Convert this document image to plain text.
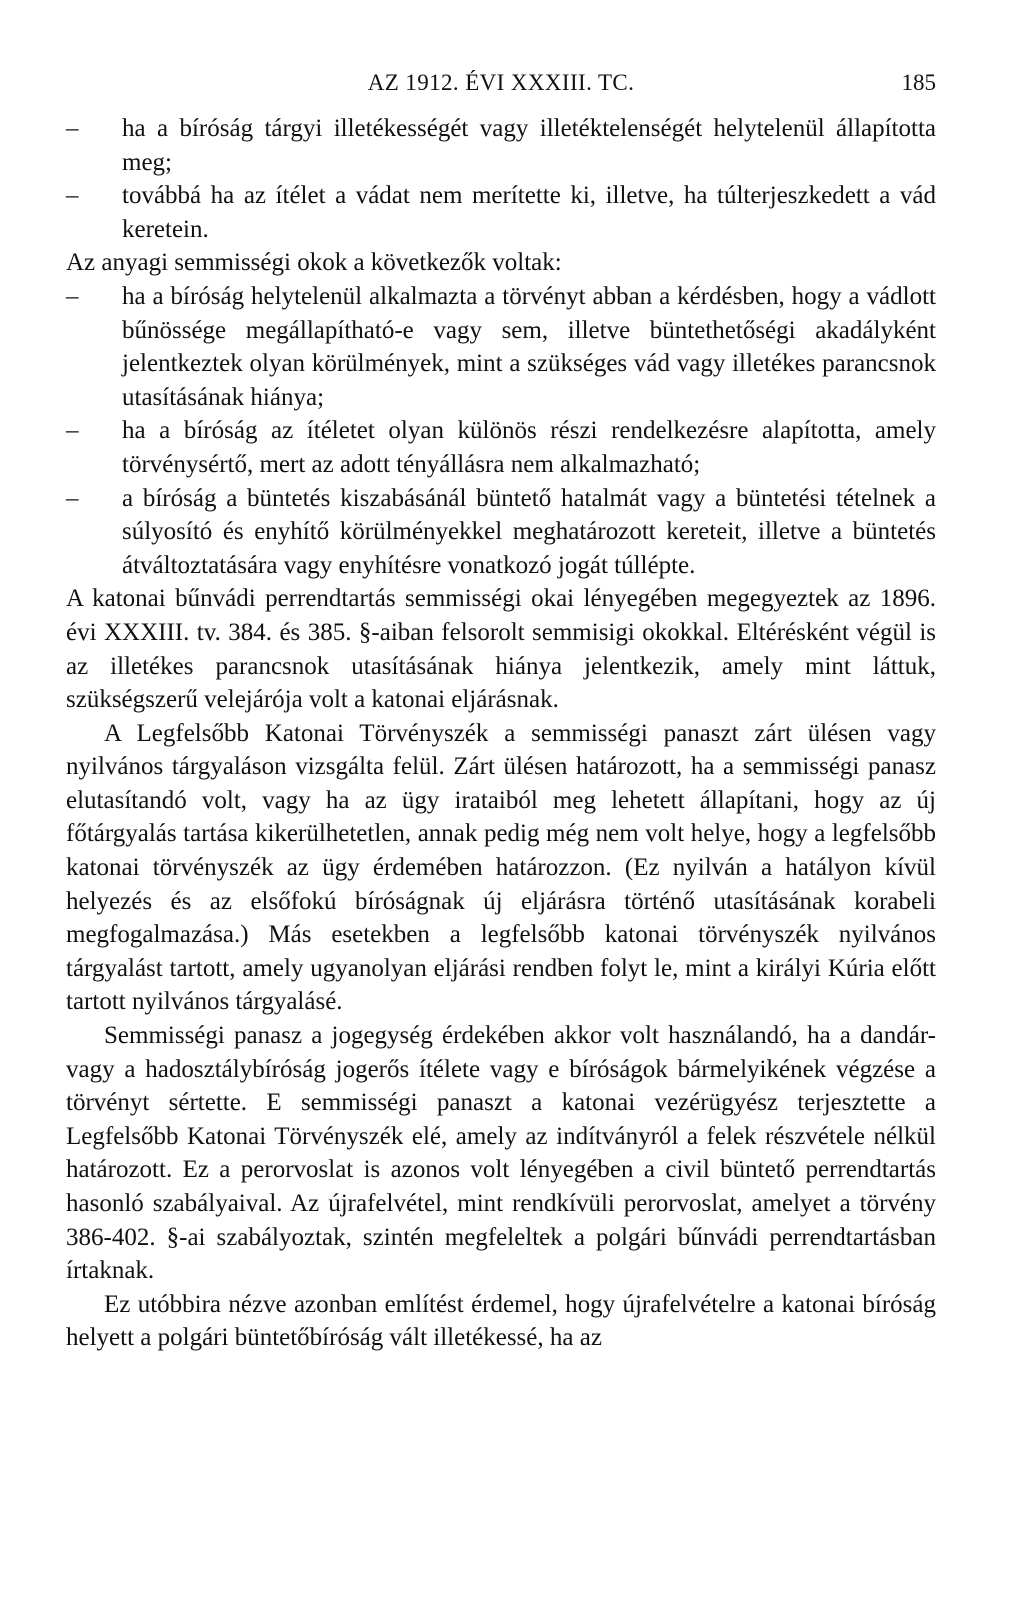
AZ 1912. ÉVI XXXIII. TC.	185

–	ha a bíróság tárgyi illetékességét vagy illetéktelenségét helytelenül állapította meg;

–	továbbá ha az ítélet a vádat nem merítette ki, illetve, ha túlterjeszkedett a vád keretein.

Az anyagi semmisségi okok a következők voltak:

–	ha a bíróság helytelenül alkalmazta a törvényt abban a kérdésben, hogy a vádlott bűnössége megállapítható-e vagy sem, illetve büntethetőségi akadályként jelentkeztek olyan körülmények, mint a szükséges vád vagy illetékes parancsnok utasításának hiánya;

–	ha a bíróság az ítéletet olyan különös részi rendelkezésre alapította, amely törvénysértő, mert az adott tényállásra nem alkalmazható;

–	a bíróság a büntetés kiszabásánál büntető hatalmát vagy a büntetési tételnek a súlyosító és enyhítő körülményekkel meghatározott kereteit, illetve a büntetés átváltoztatására vagy enyhítésre vonatkozó jogát túllépte.

A katonai bűnvádi perrendtartás semmisségi okai lényegében megegyeztek az 1896. évi XXXIII. tv. 384. és 385. §-aiban felsorolt semmisigi okokkal. Eltérésként végül is az illetékes parancsnok utasításának hiánya jelentkezik, amely mint láttuk, szükségszerű velejárója volt a katonai eljárásnak.

A Legfelsőbb Katonai Törvényszék a semmisségi panaszt zárt ülésen vagy nyilvános tárgyaláson vizsgálta felül. Zárt ülésen határozott, ha a semmisségi panasz elutasítandó volt, vagy ha az ügy irataiból meg lehetett állapítani, hogy az új főtárgyalás tartása kikerülhetetlen, annak pedig még nem volt helye, hogy a legfelsőbb katonai törvényszék az ügy érdemében határozzon. (Ez nyilván a hatályon kívül helyezés és az elsőfokú bíróságnak új eljárásra történő utasításának korabeli megfogalmazása.) Más esetekben a legfelsőbb katonai törvényszék nyilvános tárgyalást tartott, amely ugyanolyan eljárási rendben folyt le, mint a királyi Kúria előtt tartott nyilvános tárgyalásé.

Semmisségi panasz a jogegység érdekében akkor volt használandó, ha a dandár- vagy a hadosztálybíróság jogerős ítélete vagy e bíróságok bármelyikének végzése a törvényt sértette. E semmisségi panaszt a katonai vezérügyész terjesztette a Legfelsőbb Katonai Törvényszék elé, amely az indítványról a felek részvétele nélkül határozott. Ez a perorvoslat is azonos volt lényegében a civil büntető perrendtartás hasonló szabályaival. Az újrafelvétel, mint rendkívüli perorvoslat, amelyet a törvény 386-402. §-ai szabályoztak, szintén megfeleltek a polgári bűnvádi perrendtartásban írtaknak.

Ez utóbbira nézve azonban említést érdemel, hogy újrafelvételre a katonai bíróság helyett a polgári büntetőbíróság vált illetékessé, ha az
